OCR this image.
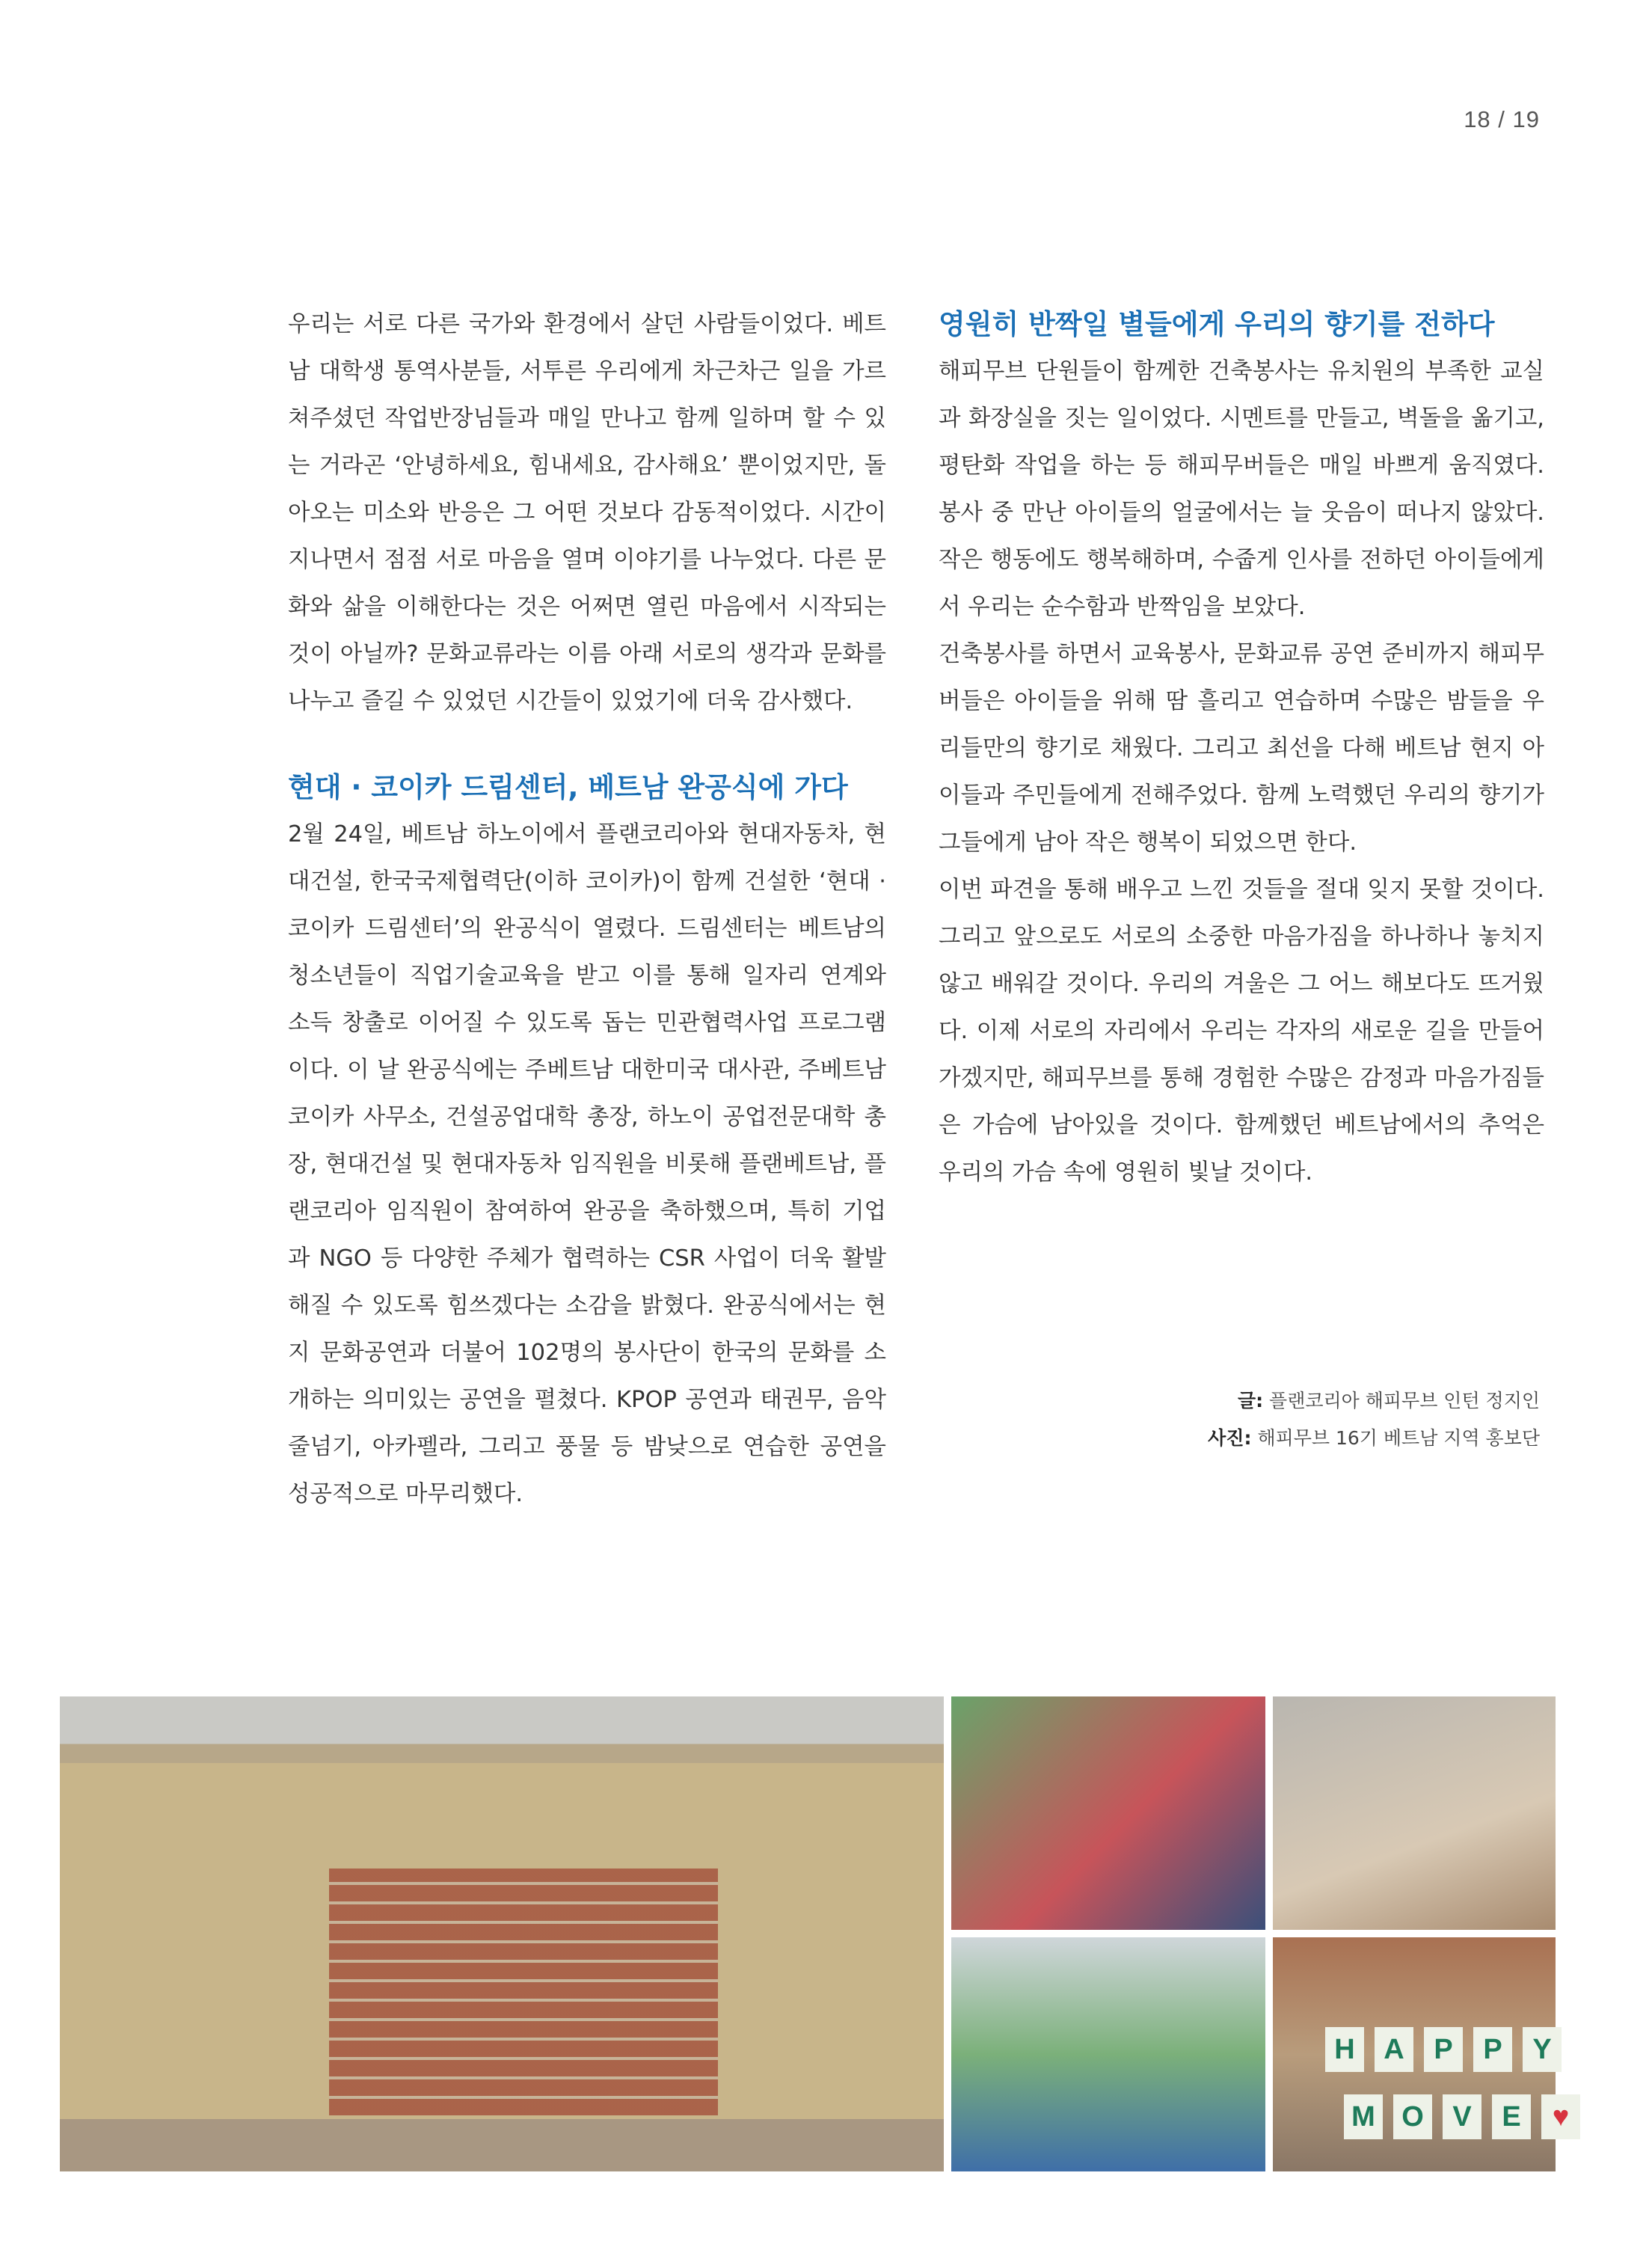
18 / 19

우리는 서로 다른 국가와 환경에서 살던 사람들이었다. 베트남 대학생 통역사분들, 서투른 우리에게 차근차근 일을 가르쳐주셨던 작업반장님들과 매일 만나고 함께 일하며 할 수 있는 거라곤 ‘안녕하세요, 힘내세요, 감사해요’ 뿐이었지만, 돌아오는 미소와 반응은 그 어떤 것보다 감동적이었다. 시간이 지나면서 점점 서로 마음을 열며 이야기를 나누었다. 다른 문화와 삶을 이해한다는 것은 어쩌면 열린 마음에서 시작되는 것이 아닐까? 문화교류라는 이름 아래 서로의 생각과 문화를 나누고 즐길 수 있었던 시간들이 있었기에 더욱 감사했다.

현대 · 코이카 드림센터, 베트남 완공식에 가다

2월 24일, 베트남 하노이에서 플랜코리아와 현대자동차, 현대건설, 한국국제협력단(이하 코이카)이 함께 건설한 ‘현대 · 코이카 드림센터’의 완공식이 열렸다. 드림센터는 베트남의 청소년들이 직업기술교육을 받고 이를 통해 일자리 연계와 소득 창출로 이어질 수 있도록 돕는 민관협력사업 프로그램이다. 이 날 완공식에는 주베트남 대한미국 대사관, 주베트남 코이카 사무소, 건설공업대학 총장, 하노이 공업전문대학 총장, 현대건설 및 현대자동차 임직원을 비롯해 플랜베트남, 플랜코리아 임직원이 참여하여 완공을 축하했으며, 특히 기업과 NGO 등 다양한 주체가 협력하는 CSR 사업이 더욱 활발해질 수 있도록 힘쓰겠다는 소감을 밝혔다. 완공식에서는 현지 문화공연과 더불어 102명의 봉사단이 한국의 문화를 소개하는 의미있는 공연을 펼쳤다. KPOP 공연과 태권무, 음악줄넘기, 아카펠라, 그리고 풍물 등 밤낮으로 연습한 공연을 성공적으로 마무리했다.

영원히 반짝일 별들에게 우리의 향기를 전하다

해피무브 단원들이 함께한 건축봉사는 유치원의 부족한 교실과 화장실을 짓는 일이었다. 시멘트를 만들고, 벽돌을 옮기고, 평탄화 작업을 하는 등 해피무버들은 매일 바쁘게 움직였다. 봉사 중 만난 아이들의 얼굴에서는 늘 웃음이 떠나지 않았다. 작은 행동에도 행복해하며, 수줍게 인사를 전하던 아이들에게서 우리는 순수함과 반짝임을 보았다.

건축봉사를 하면서 교육봉사, 문화교류 공연 준비까지 해피무버들은 아이들을 위해 땀 흘리고 연습하며 수많은 밤들을 우리들만의 향기로 채웠다. 그리고 최선을 다해 베트남 현지 아이들과 주민들에게 전해주었다. 함께 노력했던 우리의 향기가 그들에게 남아 작은 행복이 되었으면 한다.

이번 파견을 통해 배우고 느낀 것들을 절대 잊지 못할 것이다. 그리고 앞으로도 서로의 소중한 마음가짐을 하나하나 놓치지 않고 배워갈 것이다. 우리의 겨울은 그 어느 해보다도 뜨거웠다. 이제 서로의 자리에서 우리는 각자의 새로운 길을 만들어 가겠지만, 해피무브를 통해 경험한 수많은 감정과 마음가짐들은 가슴에 남아있을 것이다. 함께했던 베트남에서의 추억은 우리의 가슴 속에 영원히 빛날 것이다.

글: 플랜코리아 해피무브 인턴 정지인
사진: 해피무브 16기 베트남 지역 홍보단
H	A	P	P	Y
M O	V	E	♥
